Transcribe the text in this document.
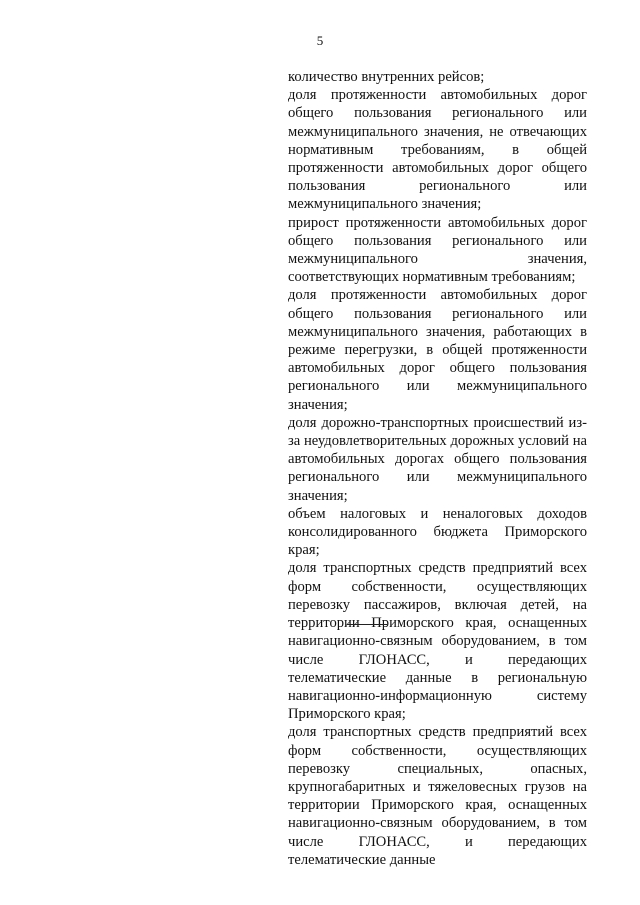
5

количество внутренних рейсов;

доля протяженности автомобильных дорог общего пользования регионального или межмуниципального значения, не отвечающих нормативным требованиям, в общей протяженности автомобильных дорог общего пользования регионального или межмуниципального значения;

прирост протяженности автомобильных дорог общего пользования регионального или межмуниципального значения, соответствующих нормативным требованиям;

доля протяженности автомобильных дорог общего пользования регионального или межмуниципального значения, работающих в режиме перегрузки, в общей протяженности автомобильных дорог общего пользования регионального или межмуниципального значения;

доля дорожно-транспортных происшествий из-за неудовлетворительных дорожных условий на автомобильных дорогах общего пользования регионального или межмуниципального значения;

объем налоговых и неналоговых доходов консолидированного бюджета Приморского края;

доля транспортных средств предприятий всех форм собственности, осуществляющих перевозку пассажиров, включая детей, на территории Приморского края, оснащенных навигационно-связным оборудованием, в том числе ГЛОНАСС, и передающих телематические данные в региональную навигационно-информационную систему Приморского края;

доля транспортных средств предприятий всех форм собственности, осуществляющих перевозку специальных, опасных, крупногабаритных и тяжеловесных грузов на территории Приморского края, оснащенных навигационно-связным оборудованием, в том числе ГЛОНАСС, и передающих телематические данные
